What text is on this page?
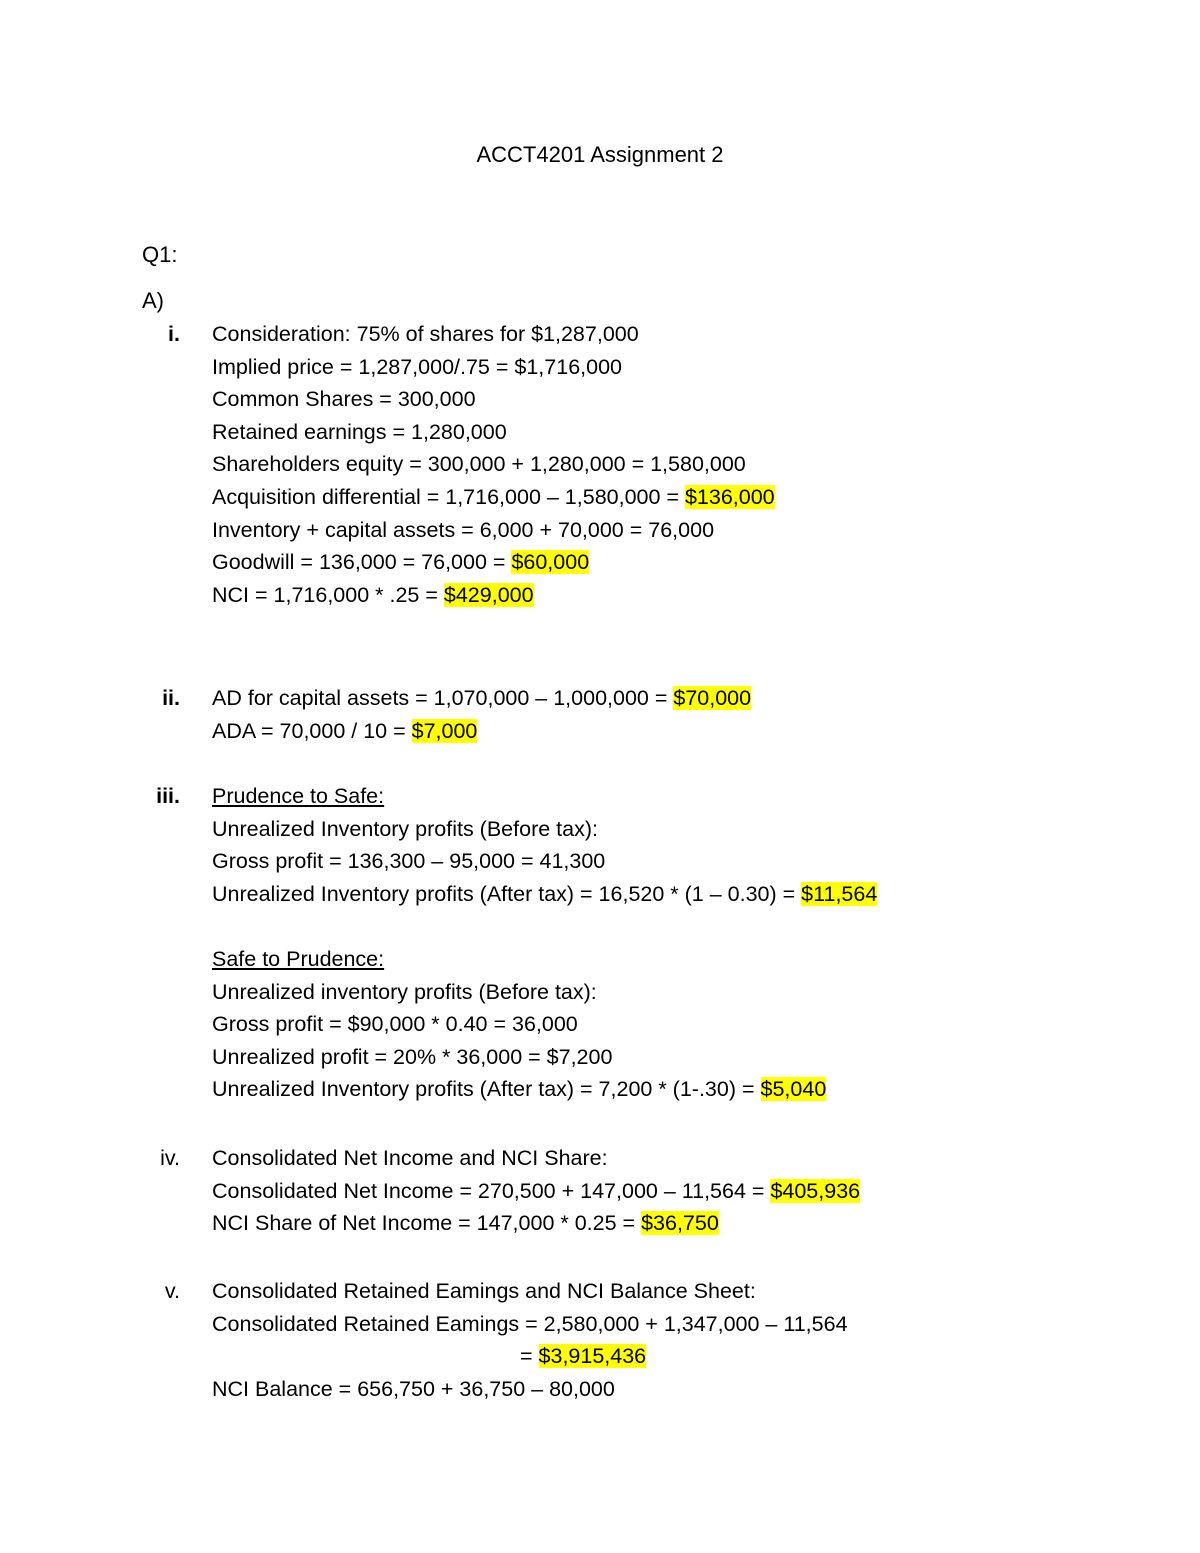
ACCT4201 Assignment 2
Q1:
A)
i. Consideration: 75% of shares for $1,287,000
Implied price = 1,287,000/.75 = $1,716,000
Common Shares = 300,000
Retained earnings = 1,280,000
Shareholders equity = 300,000 + 1,280,000 = 1,580,000
Acquisition differential = 1,716,000 – 1,580,000 = $136,000
Inventory + capital assets = 6,000 + 70,000 = 76,000
Goodwill = 136,000 = 76,000 = $60,000
NCI = 1,716,000 * .25 = $429,000
ii. AD for capital assets = 1,070,000 – 1,000,000 = $70,000
ADA = 70,000 / 10 = $7,000
iii. Prudence to Safe:
Unrealized Inventory profits (Before tax):
Gross profit = 136,300 – 95,000 = 41,300
Unrealized Inventory profits (After tax) = 16,520 * (1 – 0.30) = $11,564
Safe to Prudence:
Unrealized inventory profits (Before tax):
Gross profit = $90,000 * 0.40 = 36,000
Unrealized profit = 20% * 36,000 = $7,200
Unrealized Inventory profits (After tax) = 7,200 * (1-.30) = $5,040
iv. Consolidated Net Income and NCI Share:
Consolidated Net Income = 270,500 + 147,000 – 11,564 = $405,936
NCI Share of Net Income = 147,000 * 0.25 = $36,750
v. Consolidated Retained Eamings and NCI Balance Sheet:
Consolidated Retained Eamings = 2,580,000 + 1,347,000 – 11,564
= $3,915,436
NCI Balance = 656,750 + 36,750 – 80,000
